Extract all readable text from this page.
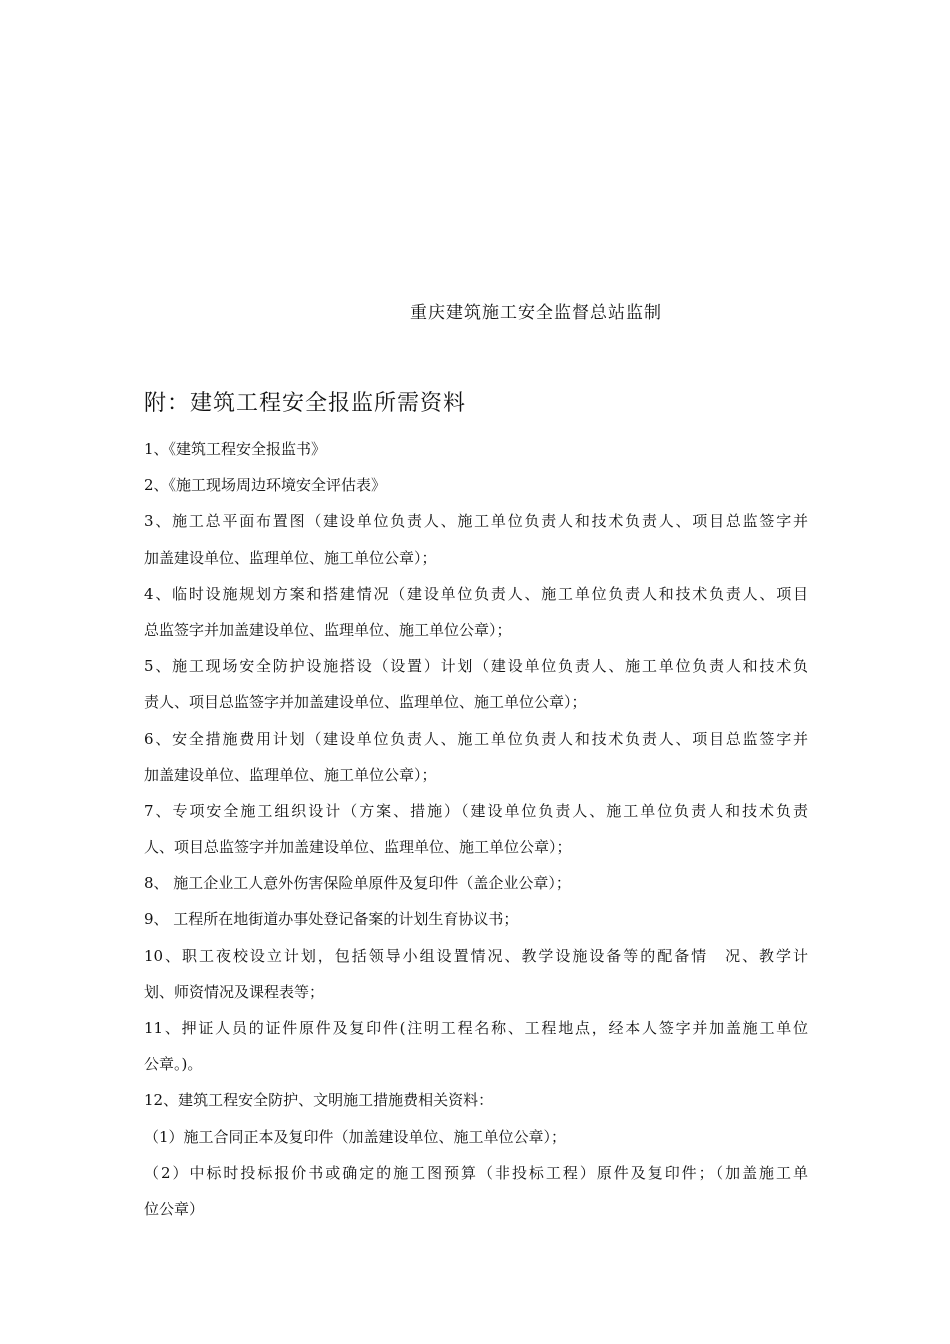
重庆建筑施工安全监督总站监制
附：建筑工程安全报监所需资料
1、《建筑工程安全报监书》
2、《施工现场周边环境安全评估表》
3、施工总平面布置图（建设单位负责人、施工单位负责人和技术负责人、项目总监签字并
加盖建设单位、监理单位、施工单位公章）；
4、临时设施规划方案和搭建情况（建设单位负责人、施工单位负责人和技术负责人、项目
总监签字并加盖建设单位、监理单位、施工单位公章）；
5、施工现场安全防护设施搭设（设置）计划（建设单位负责人、施工单位负责人和技术负
责人、项目总监签字并加盖建设单位、监理单位、施工单位公章）；
6、安全措施费用计划（建设单位负责人、施工单位负责人和技术负责人、项目总监签字并
加盖建设单位、监理单位、施工单位公章）；
7、专项安全施工组织设计（方案、措施）（建设单位负责人、施工单位负责人和技术负责
人、项目总监签字并加盖建设单位、监理单位、施工单位公章）；
8、 施工企业工人意外伤害保险单原件及复印件（盖企业公章）；
9、 工程所在地街道办事处登记备案的计划生育协议书；
10、职工夜校设立计划，包括领导小组设置情况、教学设施设备等的配备情　况、教学计
划、师资情况及课程表等；
11、押证人员的证件原件及复印件(注明工程名称、工程地点，经本人签字并加盖施工单位
公章。)。
12、建筑工程安全防护、文明施工措施费相关资料：
（1）施工合同正本及复印件（加盖建设单位、施工单位公章）；
（2）中标时投标报价书或确定的施工图预算（非投标工程）原件及复印件；（加盖施工单
位公章）
